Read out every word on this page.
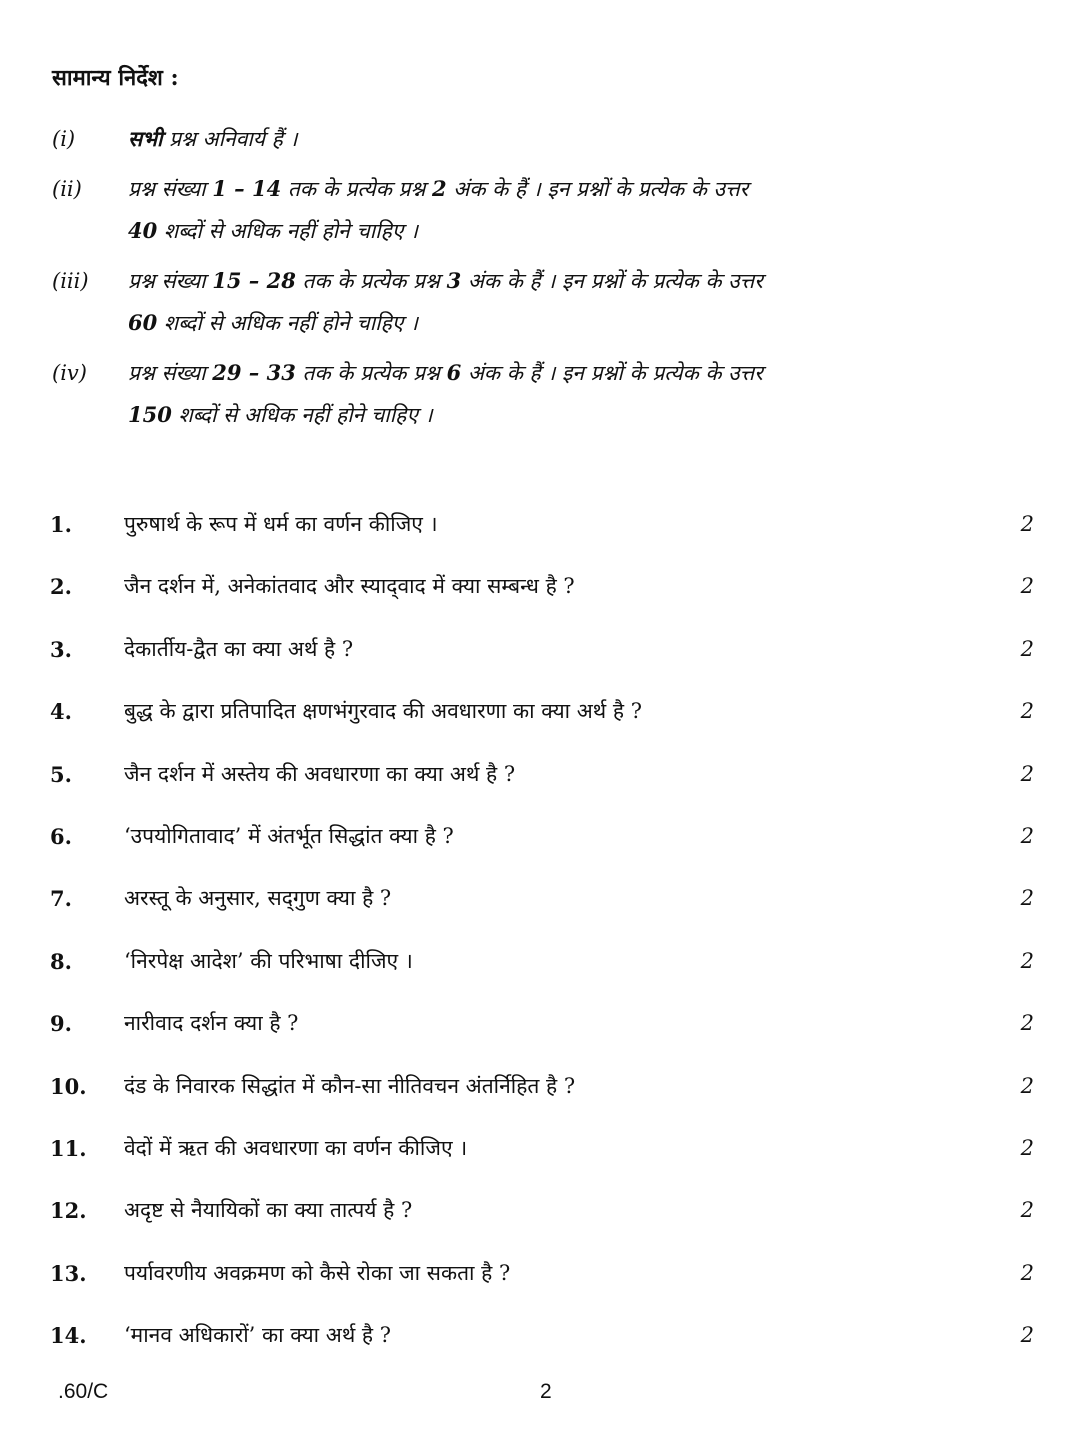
सामान्य निर्देश :
(i)	सभी प्रश्न अनिवार्य हैं ।
(ii)	प्रश्न संख्या 1 – 14 तक के प्रत्येक प्रश्न 2 अंक के हैं । इन प्रश्नों के प्रत्येक के उत्तर
40 शब्दों से अधिक नहीं होने चाहिए ।
(iii)	प्रश्न संख्या 15 – 28 तक के प्रत्येक प्रश्न 3 अंक के हैं । इन प्रश्नों के प्रत्येक के उत्तर
60 शब्दों से अधिक नहीं होने चाहिए ।
(iv)	प्रश्न संख्या 29 – 33 तक के प्रत्येक प्रश्न 6 अंक के हैं । इन प्रश्नों के प्रत्येक के उत्तर
150 शब्दों से अधिक नहीं होने चाहिए ।
1. पुरुषार्थ के रूप में धर्म का वर्णन कीजिए ।	2
2. जैन दर्शन में, अनेकांतवाद और स्याद्‌वाद में क्या सम्बन्ध है ?	2
3. देकार्तीय-द्वैत का क्या अर्थ है ?	2
4. बुद्ध के द्वारा प्रतिपादित क्षणभंगुरवाद की अवधारणा का क्या अर्थ है ?	2
5. जैन दर्शन में अस्तेय की अवधारणा का क्या अर्थ है ?	2
6. ‘उपयोगितावाद’ में अंतर्भूत सिद्धांत क्या है ?	2
7. अरस्तू के अनुसार, सद्‌गुण क्या है ?	2
8. ‘निरपेक्ष आदेश’ की परिभाषा दीजिए ।	2
9. नारीवाद दर्शन क्या है ?	2
10. दंड के निवारक सिद्धांत में कौन-सा नीतिवचन अंतर्निहित है ?	2
11. वेदों में ऋत की अवधारणा का वर्णन कीजिए ।	2
12. अदृष्ट से नैयायिकों का क्या तात्पर्य है ?	2
13. पर्यावरणीय अवक्रमण को कैसे रोका जा सकता है ?	2
14. ‘मानव अधिकारों’ का क्या अर्थ है ?	2
.60/C	2
